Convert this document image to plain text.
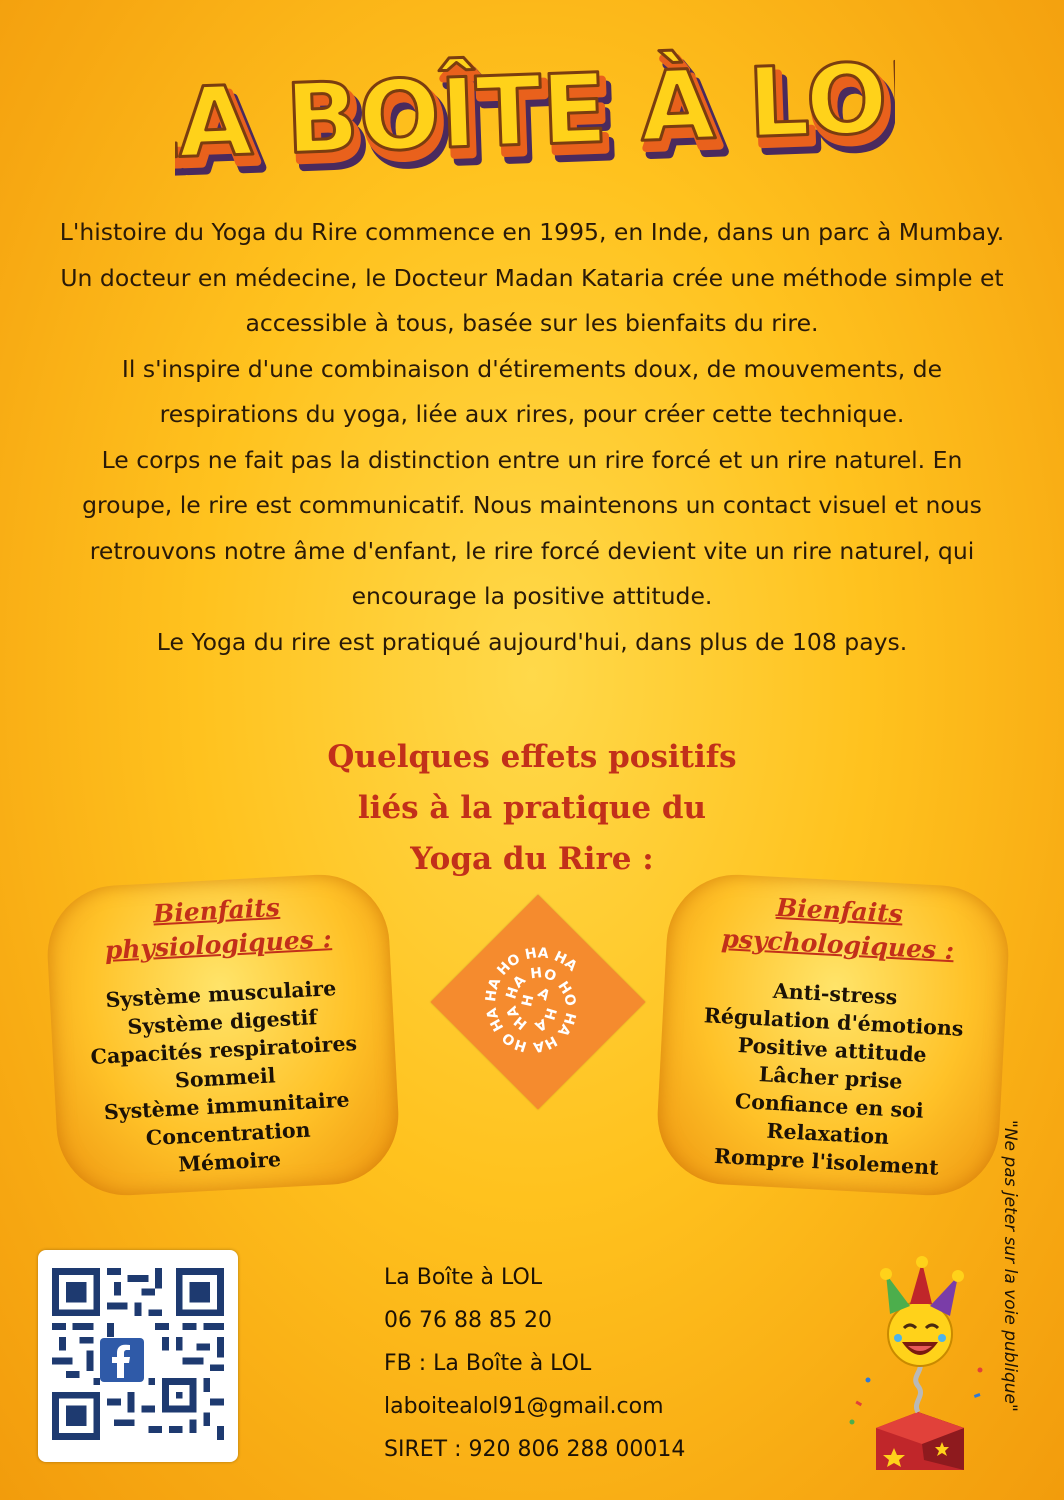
LA BOÎTE À LOL
LA BOÎTE À LOL
LA BOÎTE À LOL

L'histoire du Yoga du Rire commence en 1995, en Inde, dans un parc à Mumbay.

Un docteur en médecine, le Docteur Madan Kataria crée une méthode simple et

accessible à tous, basée sur les bienfaits du rire.

Il s'inspire d'une combinaison d'étirements doux, de mouvements, de

respirations du yoga, liée aux rires, pour créer cette technique.

Le corps ne fait pas la distinction entre un rire forcé et un rire naturel. En

groupe, le rire est communicatif. Nous maintenons un contact visuel et nous

retrouvons notre âme d'enfant, le rire forcé devient vite un rire naturel, qui

encourage la positive attitude.

Le Yoga du rire est pratiqué aujourd'hui, dans plus de 108 pays.

Quelques effets positifs
liés à la pratique du
Yoga du Rire :
Bienfaits
physiologiques :
Système musculaire
Système digestif
Capacités respiratoires
Sommeil
Système immunitaire
Concentration
Mémoire
HA HA HA HA HO HO HA HA HO HA HA HO HA HA
Bienfaits
psychologiques :
Anti-stress
Régulation d'émotions
Positive attitude
Lâcher prise
Confiance en soi
Relaxation
Rompre l'isolement
La Boîte à LOL
06 76 88 85 20
FB : La Boîte à LOL
laboitealol91@gmail.com
SIRET : 920 806 288 00014
"Ne pas jeter sur la voie publique"
